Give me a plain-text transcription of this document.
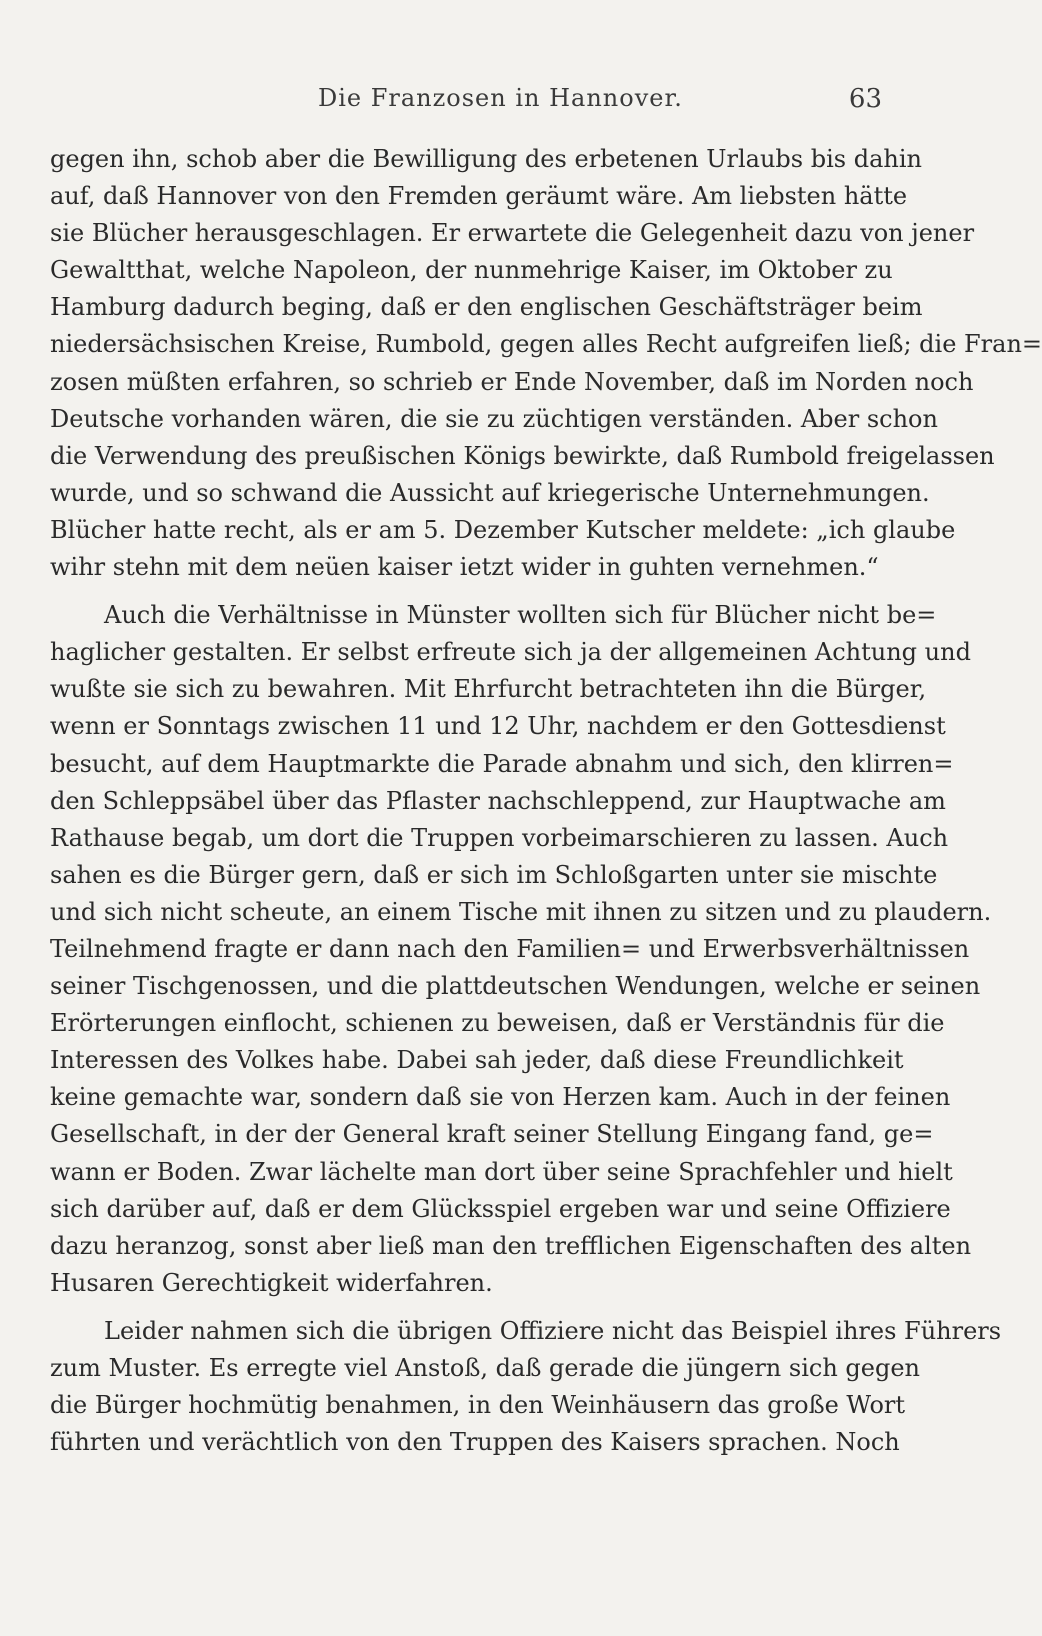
Die Franzosen in Hannover.	63
gegen ihn, schob aber die Bewilligung des erbetenen Urlaubs bis dahin
auf, daß Hannover von den Fremden geräumt wäre. Am liebsten hätte
sie Blücher herausgeschlagen. Er erwartete die Gelegenheit dazu von jener
Gewaltthat, welche Napoleon, der nunmehrige Kaiser, im Oktober zu
Hamburg dadurch beging, daß er den englischen Geschäftsträger beim
niedersächsischen Kreise, Rumbold, gegen alles Recht aufgreifen ließ; die Fran=
zosen müßten erfahren, so schrieb er Ende November, daß im Norden noch
Deutsche vorhanden wären, die sie zu züchtigen verständen. Aber schon
die Verwendung des preußischen Königs bewirkte, daß Rumbold freigelassen
wurde, und so schwand die Aussicht auf kriegerische Unternehmungen.
Blücher hatte recht, als er am 5. Dezember Kutscher meldete: „ich glaube
wihr stehn mit dem neüen kaiser ietzt wider in guhten vernehmen.“
Auch die Verhältnisse in Münster wollten sich für Blücher nicht be=
haglicher gestalten. Er selbst erfreute sich ja der allgemeinen Achtung und
wußte sie sich zu bewahren. Mit Ehrfurcht betrachteten ihn die Bürger,
wenn er Sonntags zwischen 11 und 12 Uhr, nachdem er den Gottesdienst
besucht, auf dem Hauptmarkte die Parade abnahm und sich, den klirren=
den Schleppsäbel über das Pflaster nachschleppend, zur Hauptwache am
Rathause begab, um dort die Truppen vorbeimarschieren zu lassen. Auch
sahen es die Bürger gern, daß er sich im Schloßgarten unter sie mischte
und sich nicht scheute, an einem Tische mit ihnen zu sitzen und zu plaudern.
Teilnehmend fragte er dann nach den Familien= und Erwerbsverhältnissen
seiner Tischgenossen, und die plattdeutschen Wendungen, welche er seinen
Erörterungen einflocht, schienen zu beweisen, daß er Verständnis für die
Interessen des Volkes habe. Dabei sah jeder, daß diese Freundlichkeit
keine gemachte war, sondern daß sie von Herzen kam. Auch in der feinen
Gesellschaft, in der der General kraft seiner Stellung Eingang fand, ge=
wann er Boden. Zwar lächelte man dort über seine Sprachfehler und hielt
sich darüber auf, daß er dem Glücksspiel ergeben war und seine Offiziere
dazu heranzog, sonst aber ließ man den trefflichen Eigenschaften des alten
Husaren Gerechtigkeit widerfahren.
Leider nahmen sich die übrigen Offiziere nicht das Beispiel ihres Führers
zum Muster. Es erregte viel Anstoß, daß gerade die jüngern sich gegen
die Bürger hochmütig benahmen, in den Weinhäusern das große Wort
führten und verächtlich von den Truppen des Kaisers sprachen. Noch
